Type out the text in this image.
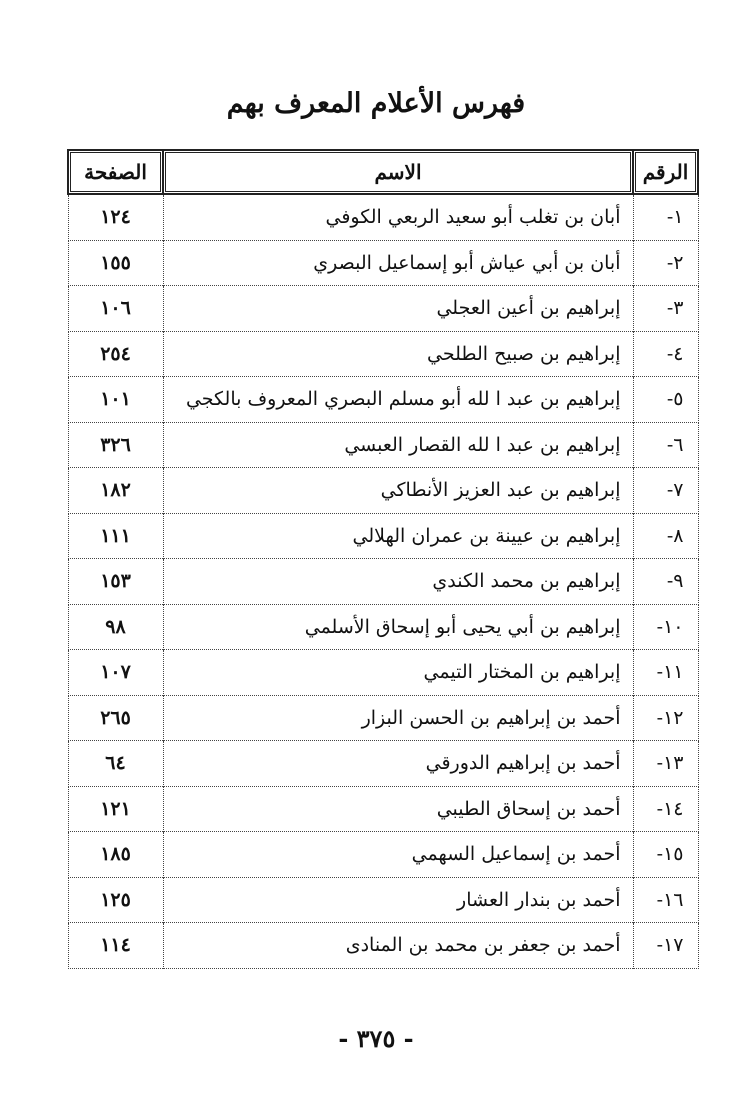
فهرس الأعلام المعرف بهم
الرقم	الاسم	الصفحة
١-	أبان بن تغلب أبو سعيد الربعي الكوفي	١٢٤
٢-	أبان بن أبي عياش أبو إسماعيل البصري	١٥٥
٣-	إبراهيم بن أعين العجلي	١٠٦
٤-	إبراهيم بن صبيح الطلحي	٢٥٤
٥-	إبراهيم بن عبد ا لله أبو مسلم البصري المعروف بالكجي	١٠١
٦-	إبراهيم بن عبد ا لله القصار العبسي	٣٢٦
٧-	إبراهيم بن عبد العزيز الأنطاكي	١٨٢
٨-	إبراهيم بن عيينة بن عمران الهلالي	١١١
٩-	إبراهيم بن محمد الكندي	١٥٣
١٠-	إبراهيم بن أبي يحيى أبو إسحاق الأسلمي	٩٨
١١-	إبراهيم بن المختار التيمي	١٠٧
١٢-	أحمد بن إبراهيم بن الحسن البزار	٢٦٥
١٣-	أحمد بن إبراهيم الدورقي	٦٤
١٤-	أحمد بن إسحاق الطيبي	١٢١
١٥-	أحمد بن إسماعيل السهمي	١٨٥
١٦-	أحمد بن بندار العشار	١٢٥
١٧-	أحمد بن جعفر بن محمد بن المنادى	١١٤
- ٣٧٥ -
